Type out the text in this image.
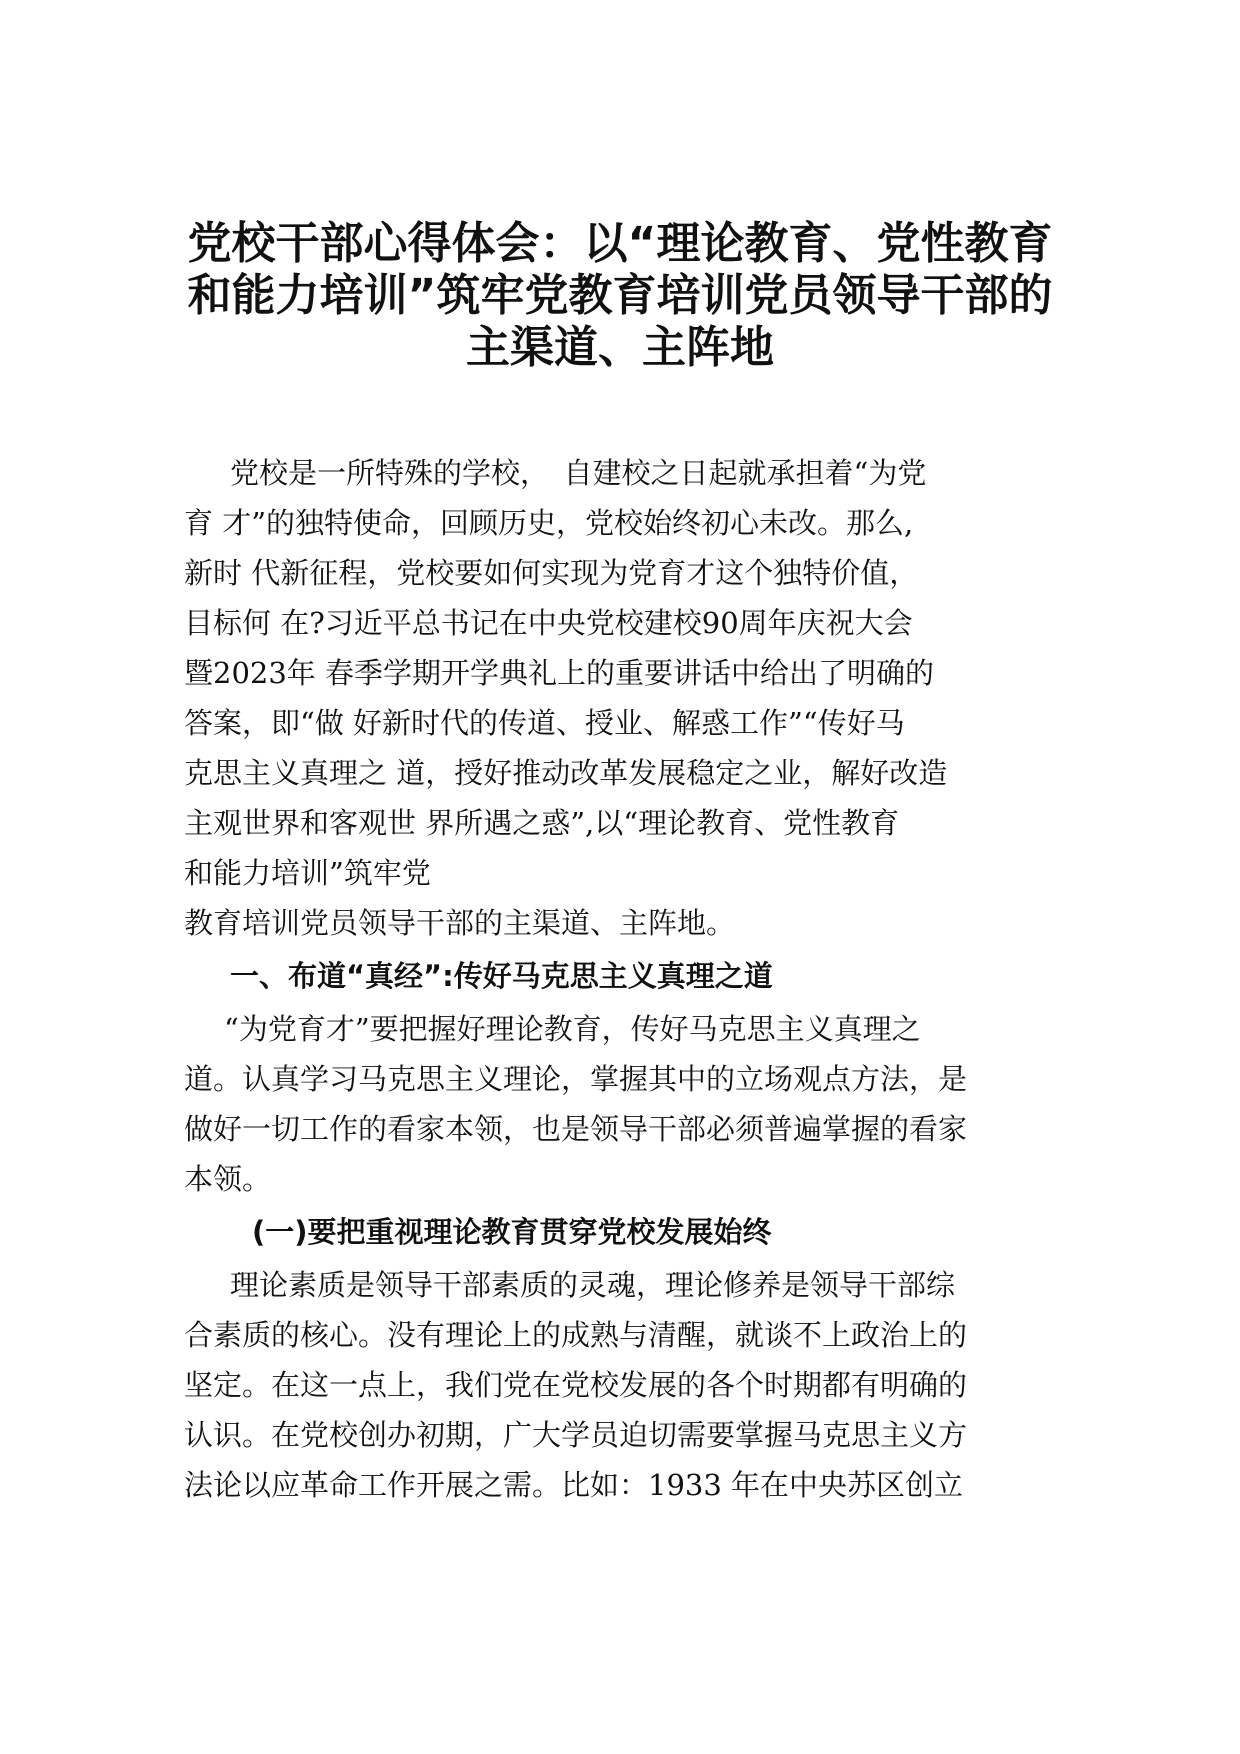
党校干部心得体会：以“理论教育、党性教育
和能力培训”筑牢党教育培训党员领导干部的
主渠道、主阵地

党校是一所特殊的学校，　自建校之日起就承担着“为党

育 才”的独特使命，回顾历史，党校始终初心未改。那么,

新时 代新征程，党校要如何实现为党育才这个独特价值，

目标何 在?习近平总书记在中央党校建校90周年庆祝大会

暨2023年 春季学期开学典礼上的重要讲话中给出了明确的

答案，即“做 好新时代的传道、授业、解惑工作”“传好马

克思主义真理之 道，授好推动改革发展稳定之业，解好改造

主观世界和客观世 界所遇之惑”,以“理论教育、党性教育

和能力培训”筑牢党

教育培训党员领导干部的主渠道、主阵地。

一、布道“真经”:传好马克思主义真理之道

“为党育才”要把握好理论教育，传好马克思主义真理之

道。认真学习马克思主义理论，掌握其中的立场观点方法，是

做好一切工作的看家本领，也是领导干部必须普遍掌握的看家

本领。

(一)要把重视理论教育贯穿党校发展始终

理论素质是领导干部素质的灵魂，理论修养是领导干部综

合素质的核心。没有理论上的成熟与清醒，就谈不上政治上的

坚定。在这一点上，我们党在党校发展的各个时期都有明确的

认识。在党校创办初期，广大学员迫切需要掌握马克思主义方

法论以应革命工作开展之需。比如：1933 年在中央苏区创立
